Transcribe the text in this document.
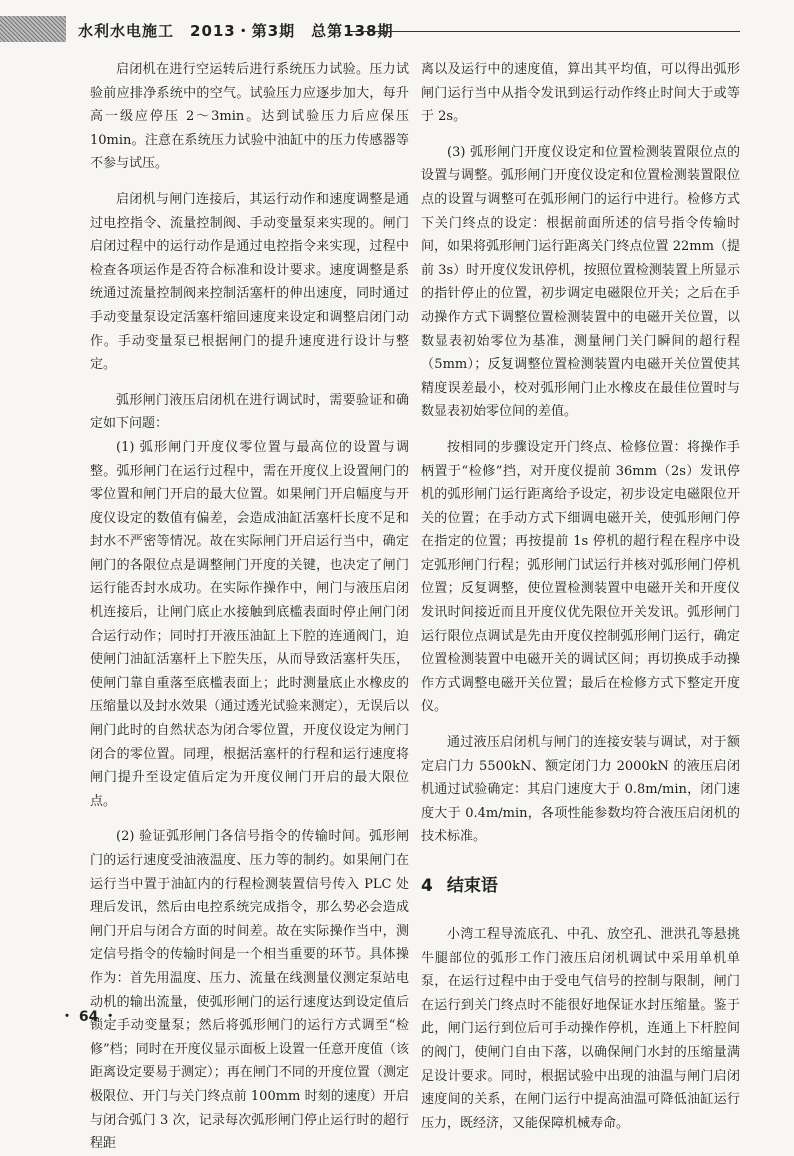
水利水电施工　2013・第3期　总第138期

启闭机在进行空运转后进行系统压力试验。压力试验前应排净系统中的空气。试验压力应逐步加大，每升高一级应停压 2～3min。达到试验压力后应保压 10min。注意在系统压力试验中油缸中的压力传感器等不参与试压。

启闭机与闸门连接后，其运行动作和速度调整是通过电控指令、流量控制阀、手动变量泵来实现的。闸门启闭过程中的运行动作是通过电控指令来实现，过程中检查各项运作是否符合标准和设计要求。速度调整是系统通过流量控制阀来控制活塞杆的伸出速度，同时通过手动变量泵设定活塞杆缩回速度来设定和调整启闭门动作。手动变量泵已根据闸门的提升速度进行设计与整定。

弧形闸门液压启闭机在进行调试时，需要验证和确定如下问题：

(1) 弧形闸门开度仪零位置与最高位的设置与调整。弧形闸门在运行过程中，需在开度仪上设置闸门的零位置和闸门开启的最大位置。如果闸门开启幅度与开度仪设定的数值有偏差，会造成油缸活塞杆长度不足和封水不严密等情况。故在实际闸门开启运行当中，确定闸门的各限位点是调整闸门开度的关键，也决定了闸门运行能否封水成功。在实际作操作中，闸门与液压启闭机连接后，让闸门底止水接触到底槛表面时停止闸门闭合运行动作；同时打开液压油缸上下腔的连通阀门，迫使闸门油缸活塞杆上下腔失压，从而导致活塞杆失压，使闸门靠自重落至底槛表面上；此时测量底止水橡皮的压缩量以及封水效果（通过透光试验来测定），无误后以闸门此时的自然状态为闭合零位置，开度仪设定为闸门闭合的零位置。同理，根据活塞杆的行程和运行速度将闸门提升至设定值后定为开度仪闸门开启的最大限位点。

(2) 验证弧形闸门各信号指令的传输时间。弧形闸门的运行速度受油液温度、压力等的制约。如果闸门在运行当中置于油缸内的行程检测装置信号传入 PLC 处理后发讯，然后由电控系统完成指令，那么势必会造成闸门开启与闭合方面的时间差。故在实际操作当中，测定信号指令的传输时间是一个相当重要的环节。具体操作为：首先用温度、压力、流量在线测量仪测定泵站电动机的输出流量，使弧形闸门的运行速度达到设定值后锁定手动变量泵；然后将弧形闸门的运行方式调至“检修”档；同时在开度仪显示面板上设置一任意开度值（该距离设定要易于测定）；再在闸门不同的开度位置（测定极限位、开门与关门终点前 100mm 时刻的速度）开启与闭合弧门 3 次，记录每次弧形闸门停止运行时的超行程距

离以及运行中的速度值，算出其平均值，可以得出弧形闸门运行当中从指令发讯到运行动作终止时间大于或等于 2s。

(3) 弧形闸门开度仪设定和位置检测装置限位点的设置与调整。弧形闸门开度仪设定和位置检测装置限位点的设置与调整可在弧形闸门的运行中进行。检修方式下关门终点的设定：根据前面所述的信号指令传输时间，如果将弧形闸门运行距离关门终点位置 22mm（提前 3s）时开度仪发讯停机，按照位置检测装置上所显示的指针停止的位置，初步调定电磁限位开关；之后在手动操作方式下调整位置检测装置中的电磁开关位置，以数显表初始零位为基准，测量闸门关门瞬间的超行程（5mm）；反复调整位置检测装置内电磁开关位置使其精度误差最小，校对弧形闸门止水橡皮在最佳位置时与数显表初始零位间的差值。

按相同的步骤设定开门终点、检修位置：将操作手柄置于“检修”挡，对开度仪提前 36mm（2s）发讯停机的弧形闸门运行距离给予设定，初步设定电磁限位开关的位置；在手动方式下细调电磁开关，使弧形闸门停在指定的位置；再按提前 1s 停机的超行程在程序中设定弧形闸门行程；弧形闸门试运行并核对弧形闸门停机位置；反复调整，使位置检测装置中电磁开关和开度仪发讯时间接近而且开度仪优先限位开关发讯。弧形闸门运行限位点调试是先由开度仪控制弧形闸门运行，确定位置检测装置中电磁开关的调试区间；再切换成手动操作方式调整电磁开关位置；最后在检修方式下整定开度仪。

通过液压启闭机与闸门的连接安装与调试，对于额定启门力 5500kN、额定闭门力 2000kN 的液压启闭机通过试验确定：其启门速度大于 0.8m/min，闭门速度大于 0.4m/min，各项性能参数均符合液压启闭机的技术标准。

4 结束语

小湾工程导流底孔、中孔、放空孔、泄洪孔等悬挑牛腿部位的弧形工作门液压启闭机调试中采用单机单泵，在运行过程中由于受电气信号的控制与限制，闸门在运行到关门终点时不能很好地保证水封压缩量。鉴于此，闸门运行到位后可手动操作停机，连通上下杆腔间的阀门，使闸门自由下落，以确保闸门水封的压缩量满足设计要求。同时，根据试验中出现的油温与闸门启闭速度间的关系，在闸门运行中提高油温可降低油缸运行压力，既经济，又能保障机械寿命。

・ 64 ・
